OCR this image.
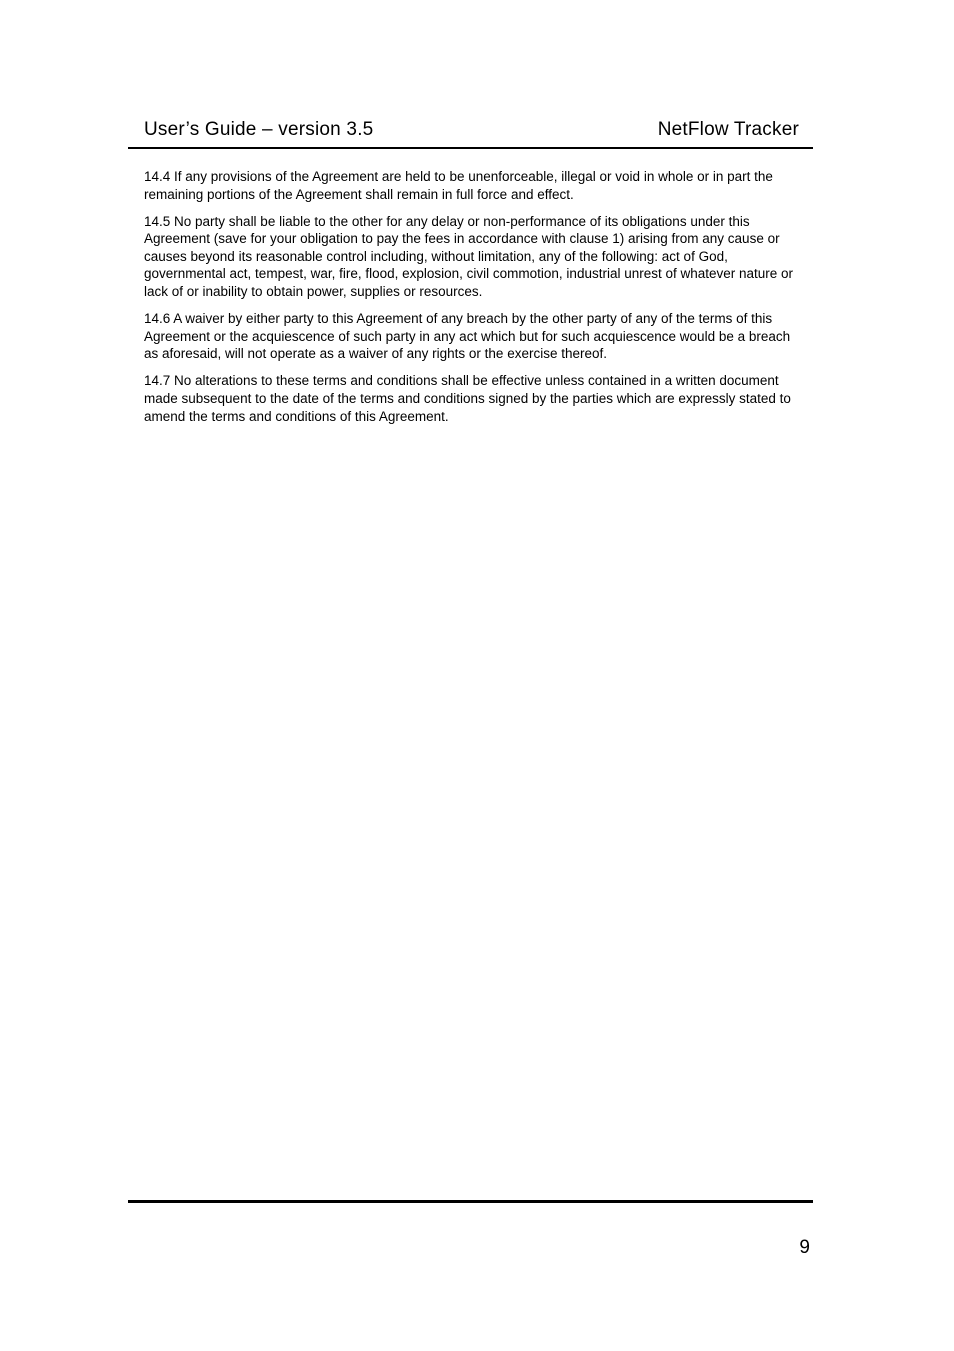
User’s Guide – version 3.5	NetFlow Tracker

14.4 If any provisions of the Agreement are held to be unenforceable, illegal or void in whole or in part the remaining portions of the Agreement shall remain in full force and effect.

14.5 No party shall be liable to the other for any delay or non-performance of its obligations under this Agreement (save for your obligation to pay the fees in accordance with clause 1) arising from any cause or causes beyond its reasonable control including, without limitation, any of the following: act of God, governmental act, tempest, war, fire, flood, explosion, civil commotion, industrial unrest of whatever nature or lack of or inability to obtain power, supplies or resources.

14.6 A waiver by either party to this Agreement of any breach by the other party of any of the terms of this Agreement or the acquiescence of such party in any act which but for such acquiescence would be a breach as aforesaid, will not operate as a waiver of any rights or the exercise thereof.

14.7 No alterations to these terms and conditions shall be effective unless contained in a written document made subsequent to the date of the terms and conditions signed by the parties which are expressly stated to amend the terms and conditions of this Agreement.

9
